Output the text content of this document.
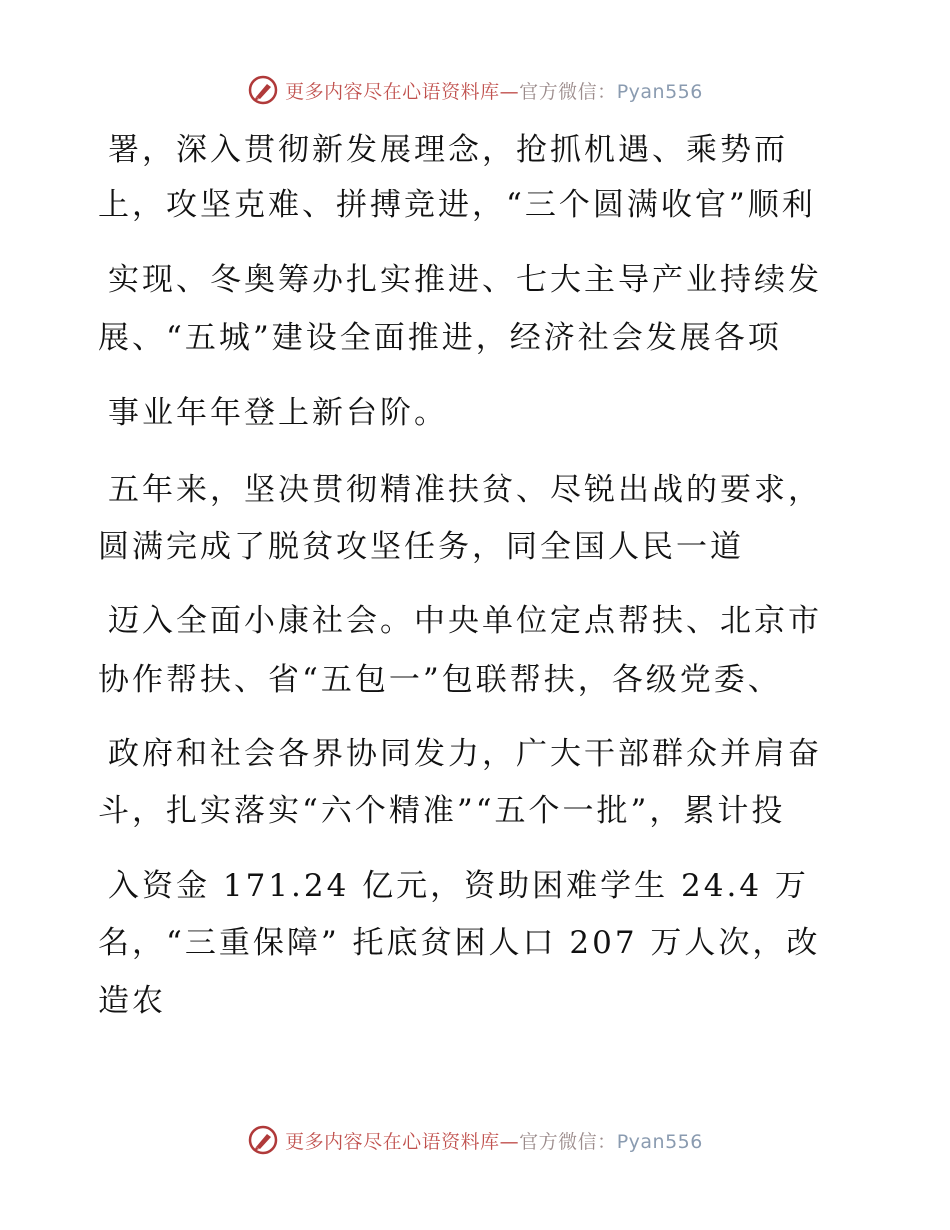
更多内容尽在心语资料库—官方微信：Pyan556
署，深入贯彻新发展理念，抢抓机遇、乘势而
上，攻坚克难、拼搏竞进，“三个圆满收官”顺利
实现、冬奥筹办扎实推进、七大主导产业持续发
展、“五城”建设全面推进，经济社会发展各项
事业年年登上新台阶。
五年来，坚决贯彻精准扶贫、尽锐出战的要求，
圆满完成了脱贫攻坚任务，同全国人民一道
迈入全面小康社会。中央单位定点帮扶、北京市
协作帮扶、省“五包一”包联帮扶，各级党委、
政府和社会各界协同发力，广大干部群众并肩奋
斗，扎实落实“六个精准”“五个一批”，累计投
入资金 171.24 亿元，资助困难学生 24.4 万
名，“三重保障” 托底贫困人口 207 万人次，改
造农
更多内容尽在心语资料库—官方微信：Pyan556
